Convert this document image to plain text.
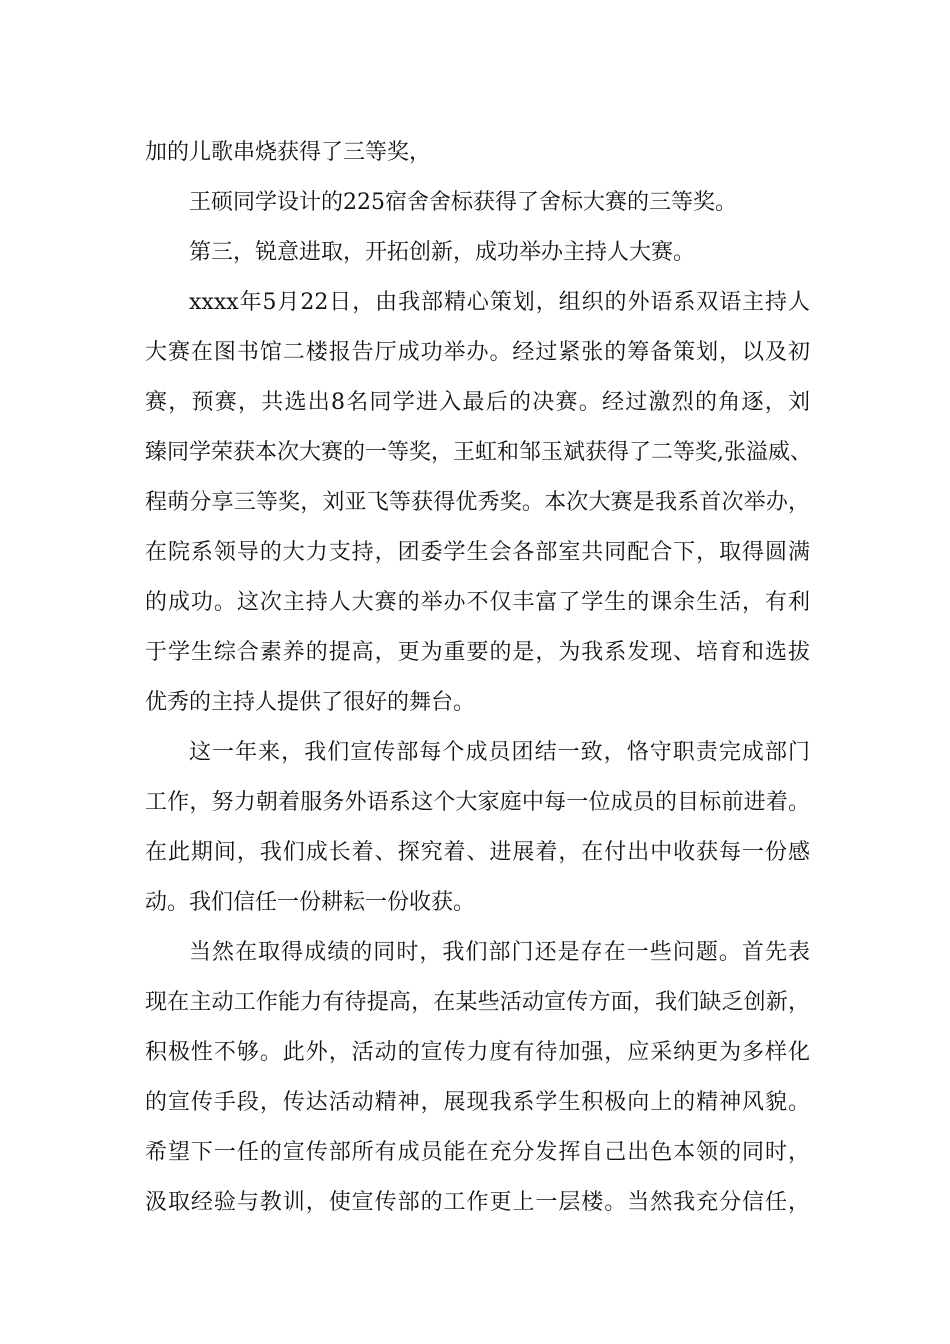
加的儿歌串烧获得了三等奖，
王硕同学设计的225宿舍舍标获得了舍标大赛的三等奖。
第三，锐意进取，开拓创新，成功举办主持人大赛。
xxxx年5月22日，由我部精心策划，组织的外语系双语主持人
大赛在图书馆二楼报告厅成功举办。经过紧张的筹备策划，以及初
赛，预赛，共选出8名同学进入最后的决赛。经过激烈的角逐，刘
臻同学荣获本次大赛的一等奖，王虹和邹玉斌获得了二等奖,张溢威、
程萌分享三等奖，刘亚飞等获得优秀奖。本次大赛是我系首次举办，
在院系领导的大力支持，团委学生会各部室共同配合下，取得圆满
的成功。这次主持人大赛的举办不仅丰富了学生的课余生活，有利
于学生综合素养的提高，更为重要的是，为我系发现、培育和选拔
优秀的主持人提供了很好的舞台。
这一年来，我们宣传部每个成员团结一致，恪守职责完成部门
工作，努力朝着服务外语系这个大家庭中每一位成员的目标前进着。
在此期间，我们成长着、探究着、进展着，在付出中收获每一份感
动。我们信任一份耕耘一份收获。
当然在取得成绩的同时，我们部门还是存在一些问题。首先表
现在主动工作能力有待提高，在某些活动宣传方面，我们缺乏创新，
积极性不够。此外，活动的宣传力度有待加强，应采纳更为多样化
的宣传手段，传达活动精神，展现我系学生积极向上的精神风貌。
希望下一任的宣传部所有成员能在充分发挥自己出色本领的同时，
汲取经验与教训，使宣传部的工作更上一层楼。当然我充分信任，
